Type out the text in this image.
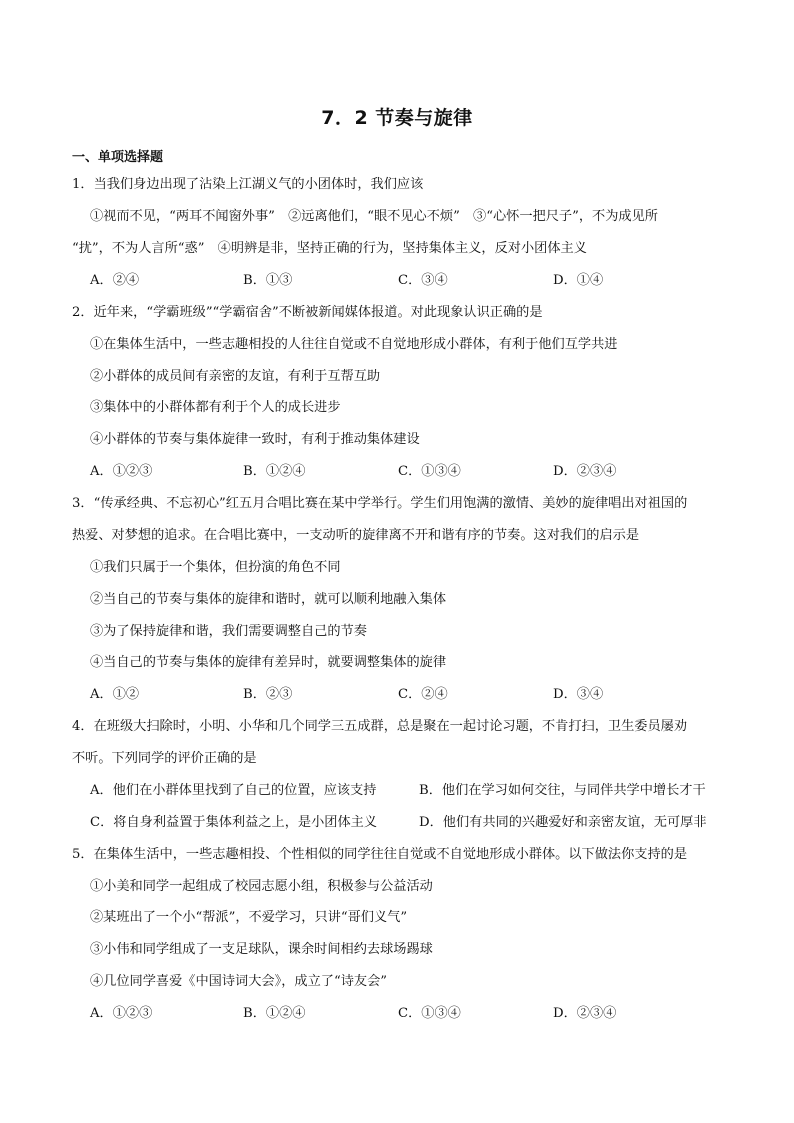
7．2 节奏与旋律
一、单项选择题
1．当我们身边出现了沾染上江湖义气的小团体时，我们应该
①视而不见，“两耳不闻窗外事”　②远离他们，“眼不见心不烦”　③“心怀一把尺子”，不为成见所
“扰”，不为人言所“惑”　④明辨是非，坚持正确的行为，坚持集体主义，反对小团体主义
A．②④	B．①③	C．③④	D．①④
2．近年来，“学霸班级”“学霸宿舍”不断被新闻媒体报道。对此现象认识正确的是
①在集体生活中，一些志趣相投的人往往自觉或不自觉地形成小群体，有利于他们互学共进
②小群体的成员间有亲密的友谊，有利于互帮互助
③集体中的小群体都有利于个人的成长进步
④小群体的节奏与集体旋律一致时，有利于推动集体建设
A．①②③	B．①②④	C．①③④	D．②③④
3．“传承经典、不忘初心”红五月合唱比赛在某中学举行。学生们用饱满的激情、美妙的旋律唱出对祖国的
热爱、对梦想的追求。在合唱比赛中，一支动听的旋律离不开和谐有序的节奏。这对我们的启示是
①我们只属于一个集体，但扮演的角色不同
②当自己的节奏与集体的旋律和谐时，就可以顺利地融入集体
③为了保持旋律和谐，我们需要调整自己的节奏
④当自己的节奏与集体的旋律有差异时，就要调整集体的旋律
A．①②	B．②③	C．②④	D．③④
4．在班级大扫除时，小明、小华和几个同学三五成群，总是聚在一起讨论习题，不肯打扫，卫生委员屡劝
不听。下列同学的评价正确的是
A．他们在小群体里找到了自己的位置，应该支持	B．他们在学习如何交往，与同伴共学中增长才干
C．将自身利益置于集体利益之上，是小团体主义	D．他们有共同的兴趣爱好和亲密友谊，无可厚非
5．在集体生活中，一些志趣相投、个性相似的同学往往自觉或不自觉地形成小群体。以下做法你支持的是
①小美和同学一起组成了校园志愿小组，积极参与公益活动
②某班出了一个小“帮派”，不爱学习，只讲“哥们义气”
③小伟和同学组成了一支足球队，课余时间相约去球场踢球
④几位同学喜爱《中国诗词大会》，成立了“诗友会”
A．①②③	B．①②④	C．①③④	D．②③④
